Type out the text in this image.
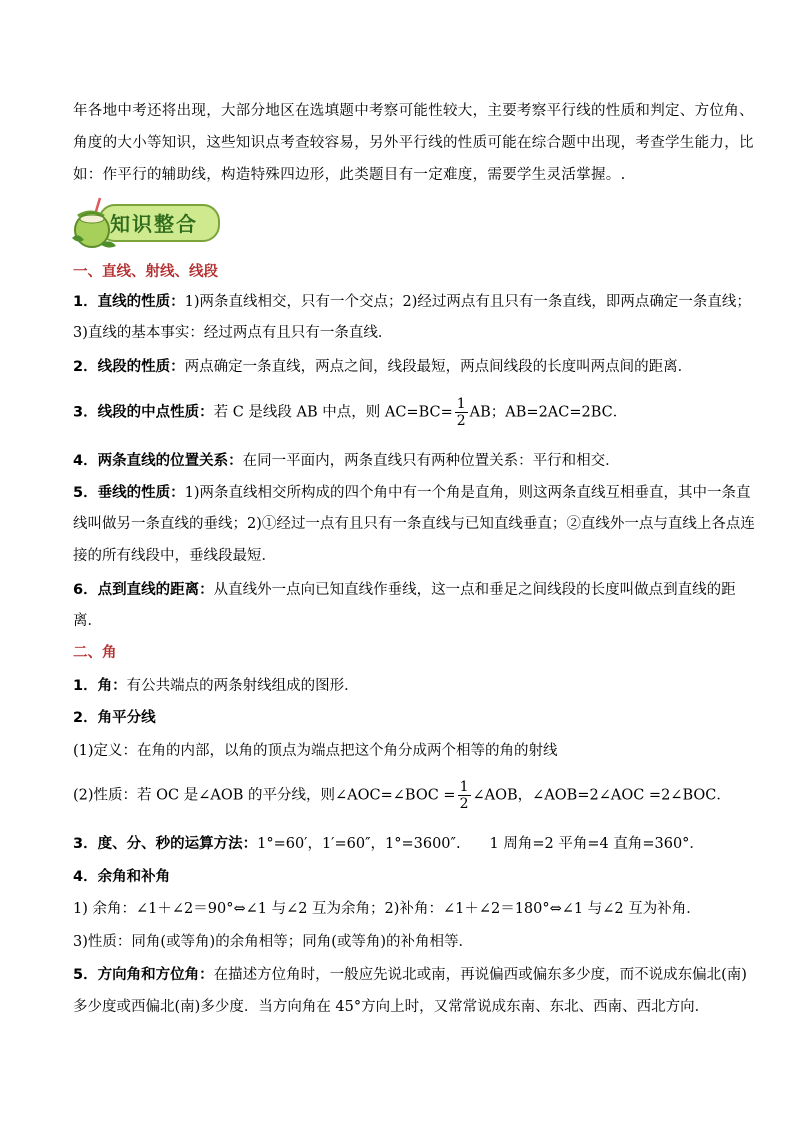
年各地中考还将出现，大部分地区在选填题中考察可能性较大，主要考察平行线的性质和判定、方位角、
角度的大小等知识，这些知识点考查较容易，另外平行线的性质可能在综合题中出现，考查学生能力，比
如：作平行的辅助线，构造特殊四边形，此类题目有一定难度，需要学生灵活掌握。.
知识整合
一、直线、射线、线段
1．直线的性质：1)两条直线相交，只有一个交点；2)经过两点有且只有一条直线，即两点确定一条直线；
3)直线的基本事实：经过两点有且只有一条直线．
2．线段的性质：两点确定一条直线，两点之间，线段最短，两点间线段的长度叫两点间的距离．
3．线段的中点性质：若 C 是线段 AB 中点，则 $AC=BC= \frac{1}{2}$ AB；AB=2AC=2BC．
4．两条直线的位置关系：在同一平面内，两条直线只有两种位置关系：平行和相交．
5．垂线的性质：1)两条直线相交所构成的四个角中有一个角是直角，则这两条直线互相垂直，其中一条直
线叫做另一条直线的垂线；2)①经过一点有且只有一条直线与已知直线垂直；②直线外一点与直线上各点连
接的所有线段中，垂线段最短．
6．点到直线的距离：从直线外一点向已知直线作垂线，这一点和垂足之间线段的长度叫做点到直线的距
离．
二、角
1．角：有公共端点的两条射线组成的图形．
2．角平分线
(1)定义：在角的内部，以角的顶点为端点把这个角分成两个相等的角的射线
(2)性质：若 OC 是∠AOB 的平分线，则∠AOC=∠BOC = $\frac{1}{2}$ ∠AOB，∠AOB=2∠AOC =2∠BOC．
3．度、分、秒的运算方法：1°=60′，1′=60″，1°=3600″.　　1 周角=2 平角=4 直角=360°．
4．余角和补角
1) 余角：∠1＋∠2＝90°⇔∠1 与∠2 互为余角；2)补角：∠1＋∠2＝180°⇔∠1 与∠2 互为补角．
3)性质：同角(或等角)的余角相等；同角(或等角)的补角相等．
5．方向角和方位角：在描述方位角时，一般应先说北或南，再说偏西或偏东多少度，而不说成东偏北(南)
多少度或西偏北(南)多少度．当方向角在 45°方向上时，又常常说成东南、东北、西南、西北方向．
